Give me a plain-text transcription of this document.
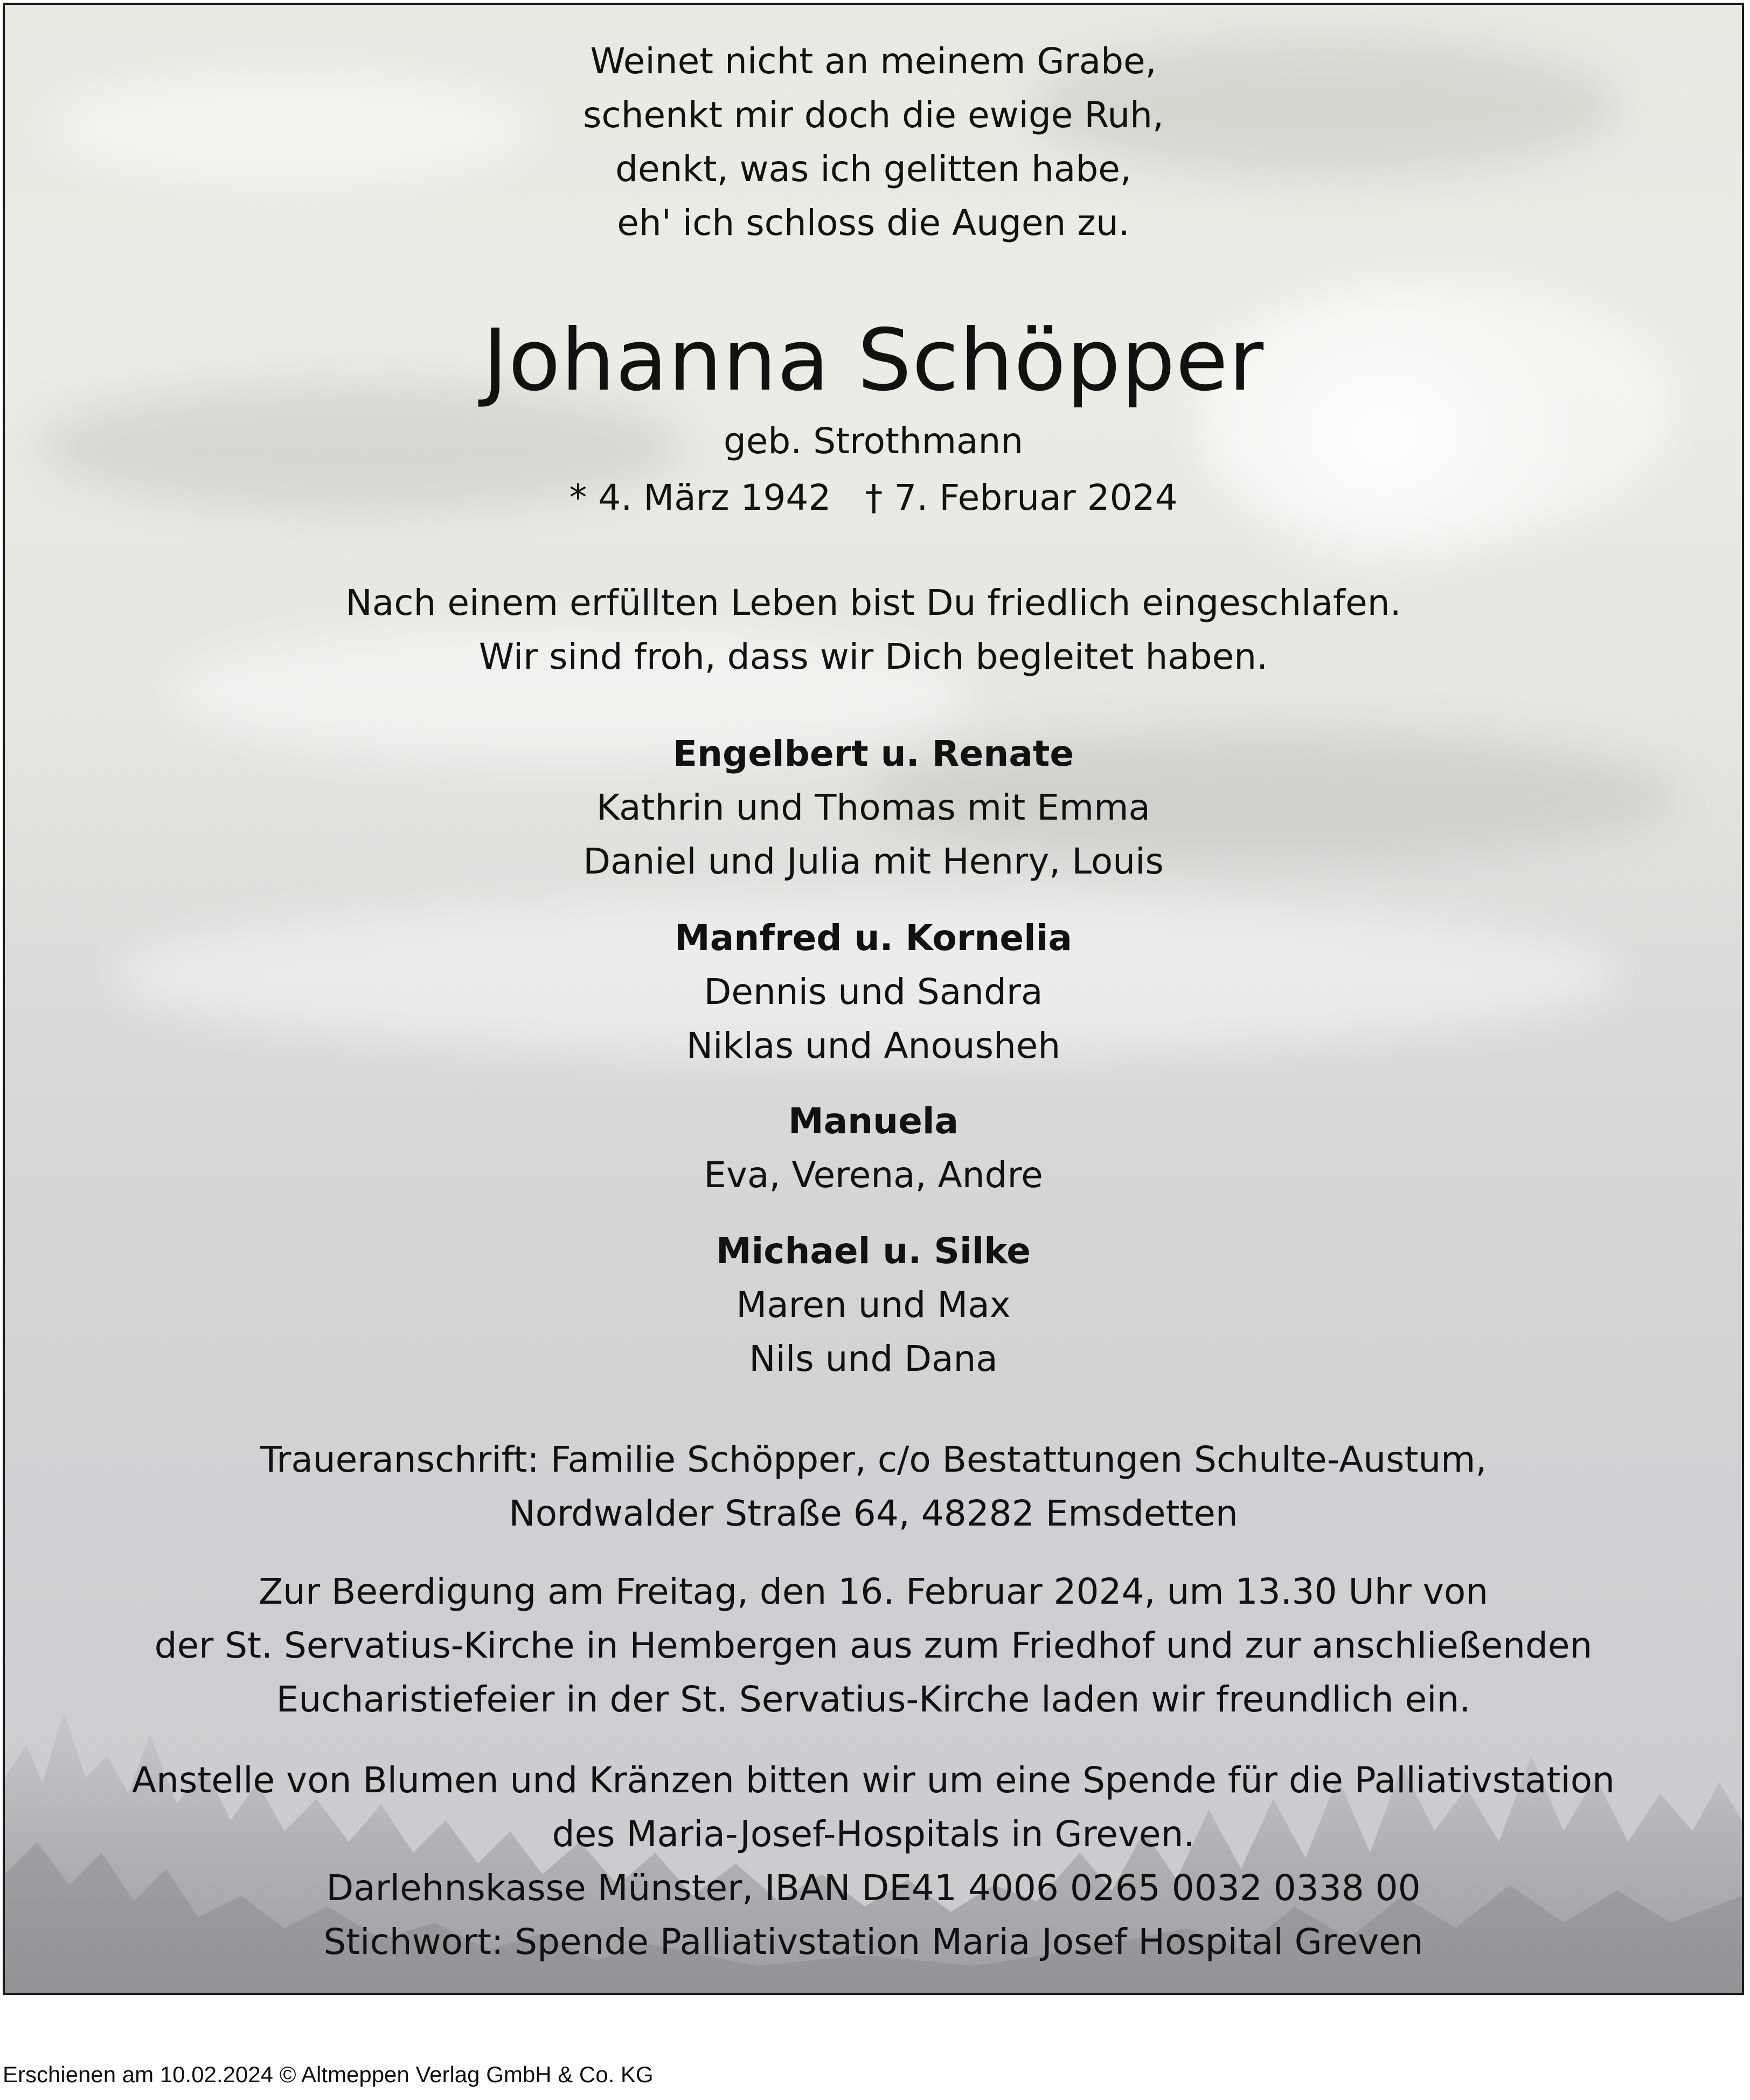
Weinet nicht an meinem Grabe,
schenkt mir doch die ewige Ruh,
denkt, was ich gelitten habe,
eh' ich schloss die Augen zu.
Johanna Schöpper
geb. Strothmann
* 4. März 1942 † 7. Februar 2024
Nach einem erfüllten Leben bist Du friedlich eingeschlafen.
Wir sind froh, dass wir Dich begleitet haben.
Engelbert u. Renate
Kathrin und Thomas mit Emma
Daniel und Julia mit Henry, Louis
Manfred u. Kornelia
Dennis und Sandra
Niklas und Anousheh
Manuela
Eva, Verena, Andre
Michael u. Silke
Maren und Max
Nils und Dana
Traueranschrift: Familie Schöpper, c/o Bestattungen Schulte-Austum,
Nordwalder Straße 64, 48282 Emsdetten
Zur Beerdigung am Freitag, den 16. Februar 2024, um 13.30 Uhr von
der St. Servatius-Kirche in Hembergen aus zum Friedhof und zur anschließenden
Eucharistiefeier in der St. Servatius-Kirche laden wir freundlich ein.
Anstelle von Blumen und Kränzen bitten wir um eine Spende für die Palliativstation
des Maria-Josef-Hospitals in Greven.
Darlehnskasse Münster, IBAN DE41 4006 0265 0032 0338 00
Stichwort: Spende Palliativstation Maria Josef Hospital Greven
Erschienen am 10.02.2024 © Altmeppen Verlag GmbH & Co. KG
